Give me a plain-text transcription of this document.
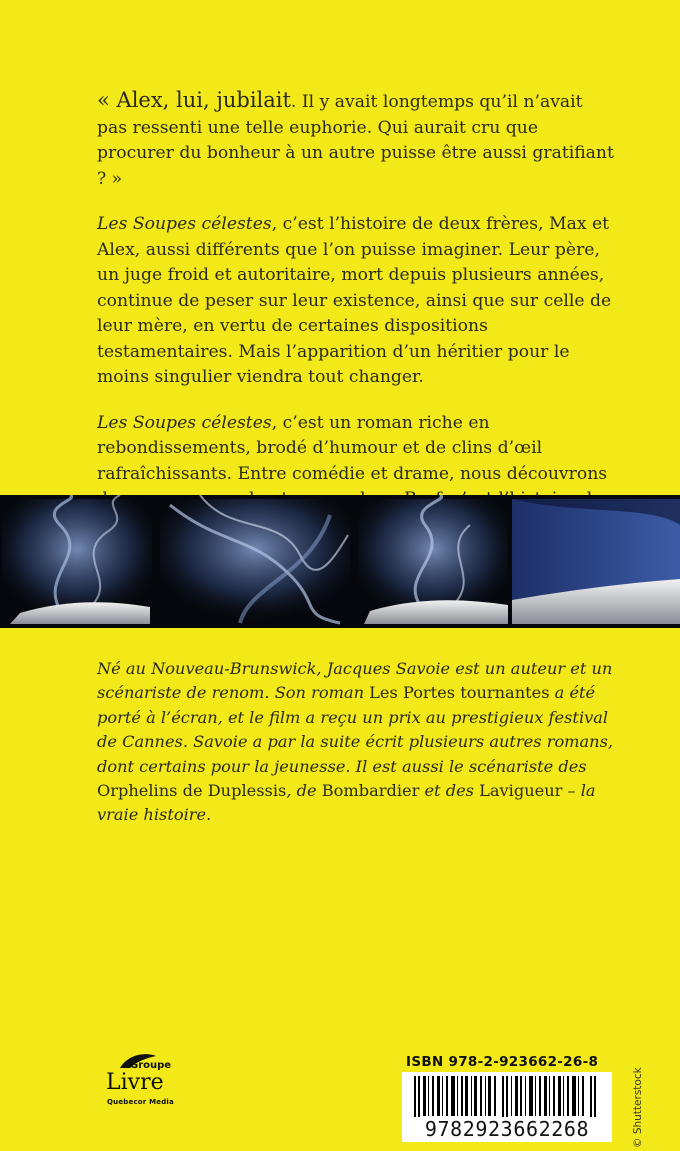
« Alex, lui, jubilait. Il y avait longtemps qu’il n’avait pas ressenti une telle euphorie. Qui aurait cru que procurer du bonheur à un autre puisse être aussi gratifiant ? »

Les Soupes célestes, c’est l’histoire de deux frères, Max et Alex, aussi différents que l’on puisse imaginer. Leur père, un juge froid et autoritaire, mort depuis plusieurs années, continue de peser sur leur existence, ainsi que sur celle de leur mère, en vertu de certaines dispositions testamentaires. Mais l’apparition d’un héritier pour le moins singulier viendra tout changer.

Les Soupes célestes, c’est un roman riche en rebondissements, brodé d’humour et de clins d’œil rafraîchissants. Entre comédie et drame, nous découvrons

Né au Nouveau-Brunswick, Jacques Savoie est un auteur et un scénariste de renom. Son roman Les Portes tournantes a été porté à l’écran, et le film a reçu un prix au prestigieux festival de Cannes. Savoie a par la suite écrit plusieurs autres romans, dont certains pour la jeunesse. Il est aussi le scénariste des Orphelins de Duplessis, de Bombardier et des Lavigueur – la vraie histoire.
Groupe
Livre
Quebecor Media
ISBN 978-2-923662-26-8
9782923662268	© Shutterstock
